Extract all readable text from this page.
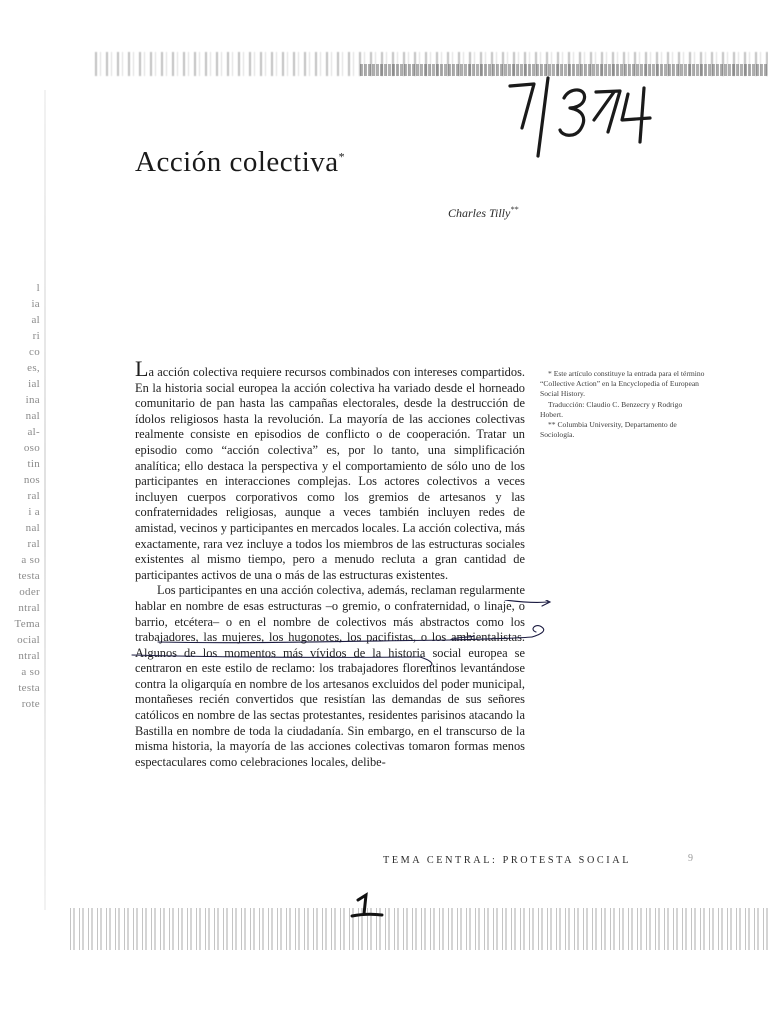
l
ia
al
ri
co
es,
ial
ina
nal
al-
oso
tin
nos
ral
i a
nal
ral
a so
testa
oder
ntral
Tema
ocial
ntral
a so
testa
rote
Acción colectiva*
Charles Tilly**

La acción colectiva requiere recursos combinados con intereses compartidos. En la historia social europea la acción colectiva ha variado desde el horneado comunitario de pan hasta las campañas electorales, desde la destrucción de ídolos religiosos hasta la revolución. La mayoría de las acciones colectivas realmente consiste en episodios de conflicto o de cooperación. Tratar un episodio como “acción colectiva” es, por lo tanto, una simplificación analítica; ello destaca la perspectiva y el comportamiento de sólo uno de los participantes en interacciones complejas. Los actores colectivos a veces incluyen cuerpos corporativos como los gremios de artesanos y las confraternidades religiosas, aunque a veces también incluyen redes de amistad, vecinos y participantes en mercados locales. La acción colectiva, más exactamente, rara vez incluye a todos los miembros de las estructuras sociales existentes al mismo tiempo, pero a menudo recluta a gran cantidad de participantes activos de una o más de las estructuras existentes.

Los participantes en una acción colectiva, además, reclaman regularmente hablar en nombre de esas estructuras –o gremio, o confraternidad, o linaje, o barrio, etcétera– o en el nombre de colectivos más abstractos como los trabajadores, las mujeres, los hugonotes, los pacifistas, o los ambientalistas. Algunos de los momentos más vívidos de la historia social europea se centraron en este estilo de reclamo: los trabajadores florentinos levantándose contra la oligarquía en nombre de los artesanos excluidos del poder municipal, montañeses recién convertidos que resistían las demandas de sus señores católicos en nombre de las sectas protestantes, residentes parisinos atacando la Bastilla en nombre de toda la ciudadanía. Sin embargo, en el transcurso de la misma historia, la mayoría de las acciones colectivas tomaron formas menos espectaculares como celebraciones locales, delibe-

* Este artículo constituye la entrada para el término “Collective Action” en la Encyclopedia of European Social History.
Traducción: Claudio C. Benzecry y Rodrigo Hobert.
** Columbia University, Departamento de Sociología.
TEMA CENTRAL: PROTESTA SOCIAL	9
